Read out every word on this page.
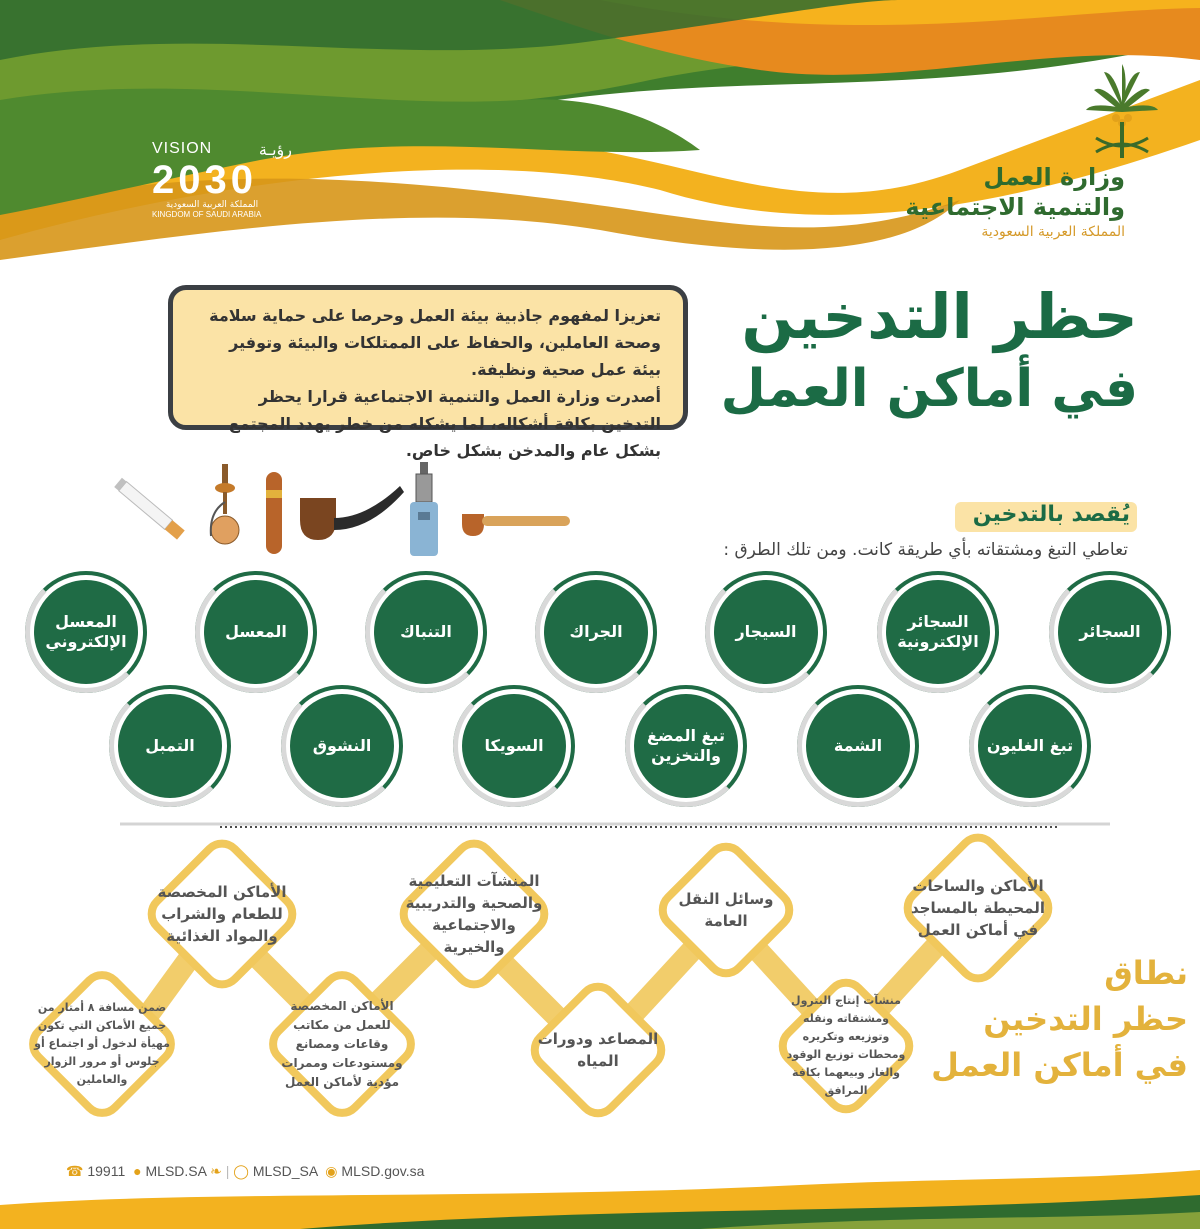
VISION	رؤيـة
2030
المملكة العربية السعودية
KINGDOM OF SAUDI ARABIA
وزارة العمل
والتنمية الاجتماعية
المملكة العربية السعودية
حظر التدخين
في أماكن العمل
تعزيزا لمفهوم جاذبية بيئة العمل وحرصا على حماية سلامة وصحة العاملين، والحفاظ على الممتلكات والبيئة وتوفير بيئة عمل صحية ونظيفة.
أصدرت وزارة العمل والتنمية الاجتماعية قرارا يحظر التدخين بكافة أشكاله، لما يشكله من خطر يهدد المجتمع بشكل عام والمدخن بشكل خاص.
يُقصد بالتدخين
تعاطي التبغ ومشتقاته بأي طريقة كانت. ومن تلك الطرق :
السجائر
السجائر الإلكترونية
السيجار
الجراك
التنباك
المعسل
المعسل الإلكتروني
تبغ الغليون
الشمة
تبغ المضغ والتخزين
السويكا
النشوق
التمبل
نطاق
حظر التدخين
في أماكن العمل
الأماكن والساحات المحيطة بالمساجد في أماكن العمل
منشآت إنتاج البترول ومشتقاته ونقله وتوزيعه وتكريره ومحطات توزيع الوقود والغاز وبيعهما بكافة المرافق
وسائل النقل العامة
المصاعد ودورات المياه
المنشآت التعليمية والصحية والتدريبية والاجتماعية والخيرية
الأماكن المخصصة للعمل من مكاتب وقاعات ومصانع ومستودعات وممرات مؤدية لأماكن العمل
الأماكن المخصصة للطعام والشراب والمواد الغذائية
ضمن مسافة ٨ أمتار من جميع الأماكن التي تكون مهيأة لدخول أو اجتماع أو جلوس أو مرور الزوار والعاملين
☎ 19911 ● MLSD.SA ❧ | ◯ MLSD_SA ◉ MLSD.gov.sa
